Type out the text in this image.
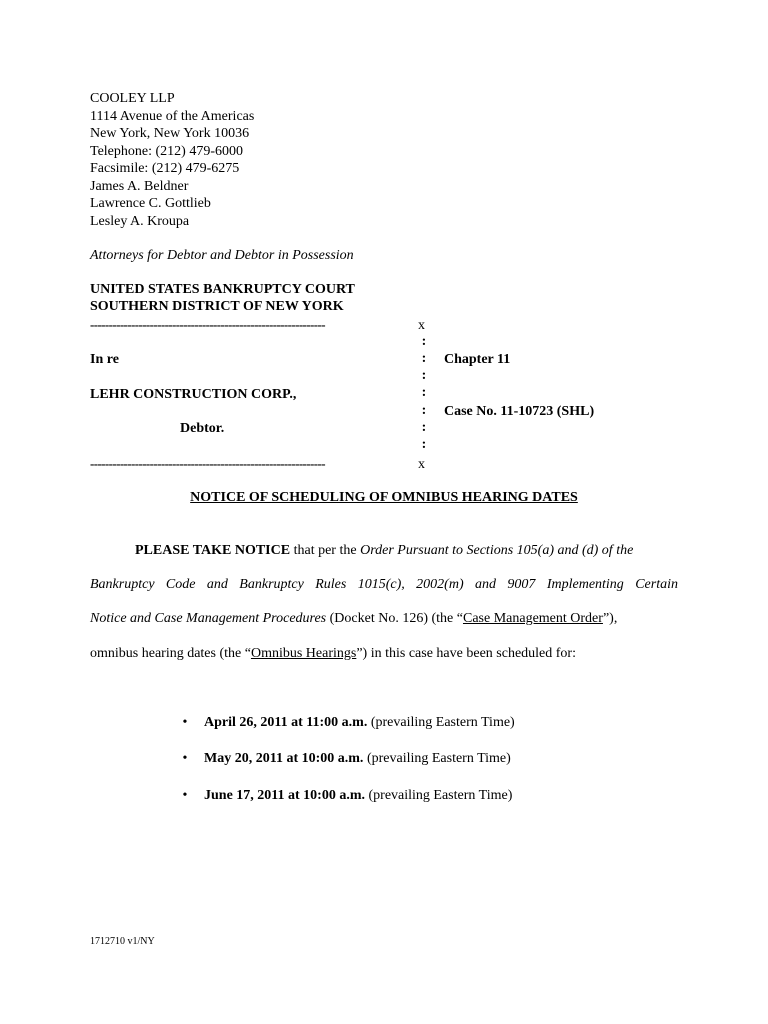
COOLEY LLP
1114 Avenue of the Americas
New York, New York 10036
Telephone: (212) 479-6000
Facsimile: (212) 479-6275
James A. Beldner
Lawrence C. Gottlieb
Lesley A. Kroupa
Attorneys for Debtor and Debtor in Possession
UNITED STATES BANKRUPTCY COURT
SOUTHERN DISTRICT OF NEW YORK
---------------------------------------------------------------	x
:
:
:
:
:
:
:
In re	Chapter 11
LEHR CONSTRUCTION CORP.,
Case No. 11-10723 (SHL)
Debtor.
---------------------------------------------------------------	x
NOTICE OF SCHEDULING OF OMNIBUS HEARING DATES
PLEASE TAKE NOTICE that per the Order Pursuant to Sections 105(a) and (d) of the
Bankruptcy Code and Bankruptcy Rules 1015(c), 2002(m) and 9007 Implementing Certain
Notice and Case Management Procedures (Docket No. 126) (the “Case Management Order”),
omnibus hearing dates (the “Omnibus Hearings”) in this case have been scheduled for:
• April 26, 2011 at 11:00 a.m. (prevailing Eastern Time)
• May 20, 2011 at 10:00 a.m. (prevailing Eastern Time)
• June 17, 2011 at 10:00 a.m. (prevailing Eastern Time)
1712710 v1/NY
